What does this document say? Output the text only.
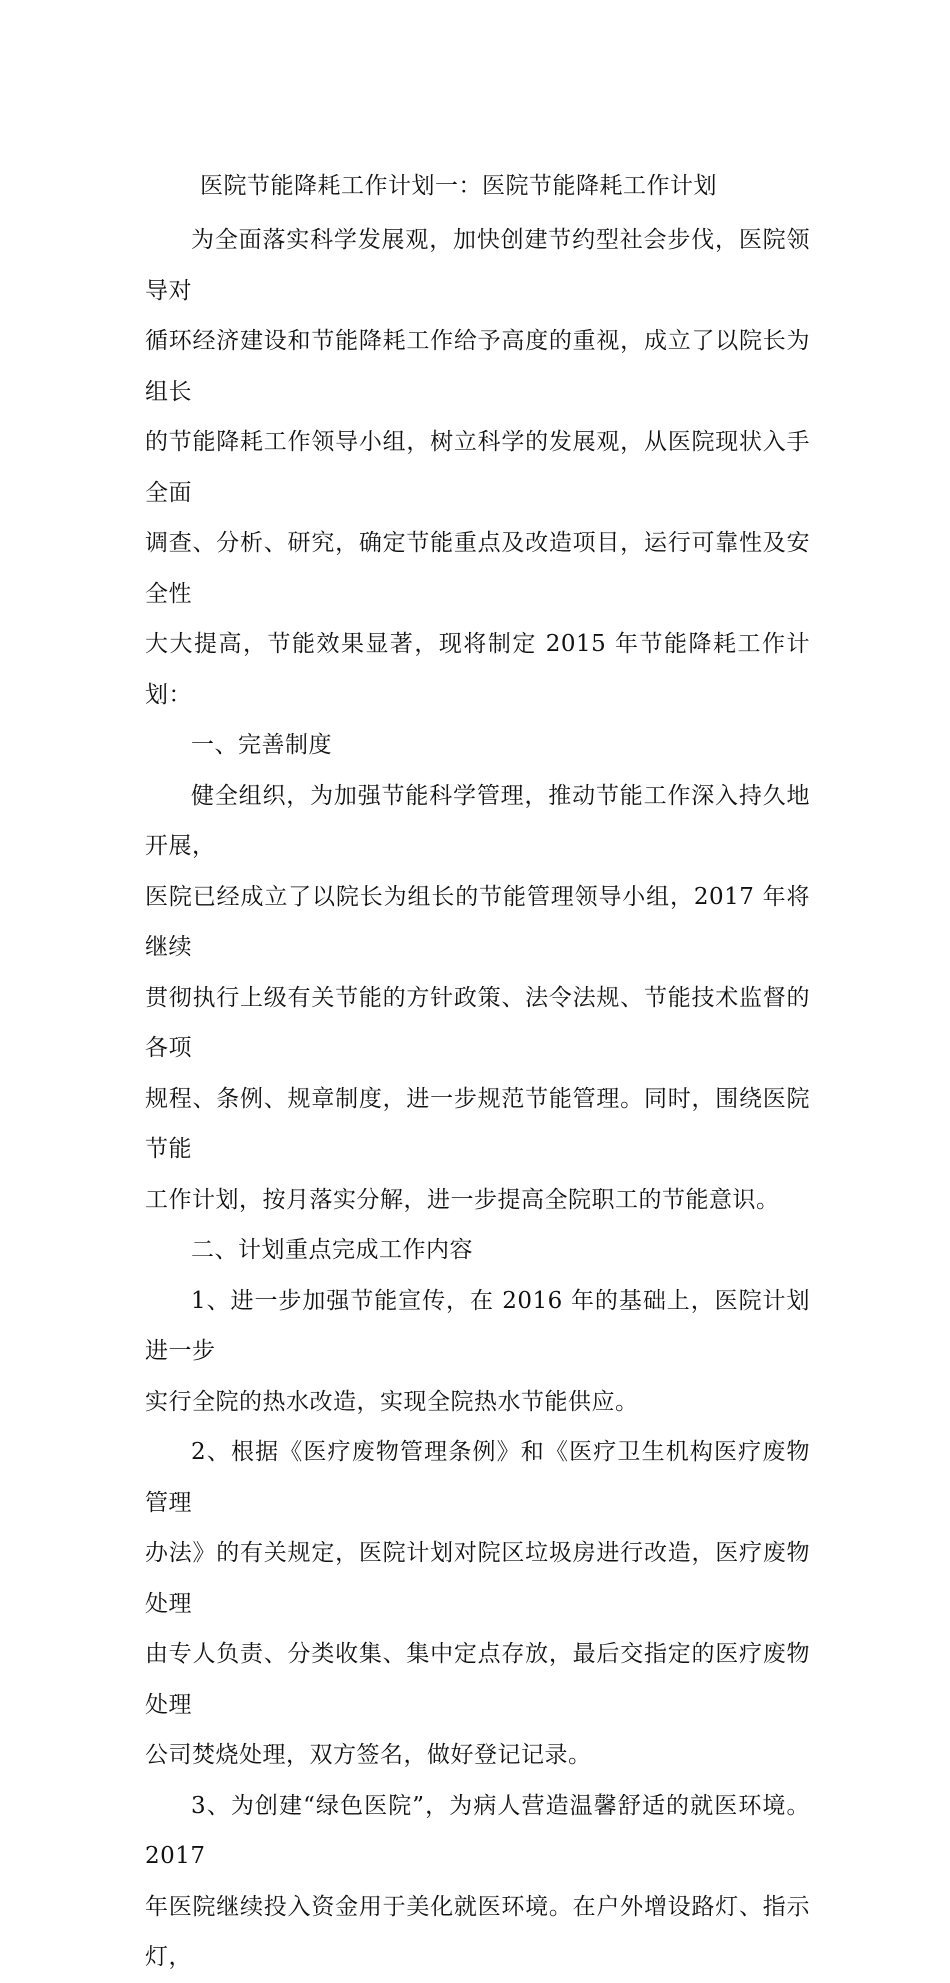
医院节能降耗工作计划一：医院节能降耗工作计划

为全面落实科学发展观，加快创建节约型社会步伐，医院领导对
循环经济建设和节能降耗工作给予高度的重视，成立了以院长为组长
的节能降耗工作领导小组，树立科学的发展观，从医院现状入手全面
调查、分析、研究，确定节能重点及改造项目，运行可靠性及安全性
大大提高，节能效果显著，现将制定 2015 年节能降耗工作计划：

一、完善制度

健全组织，为加强节能科学管理，推动节能工作深入持久地开展，
医院已经成立了以院长为组长的节能管理领导小组，2017 年将继续
贯彻执行上级有关节能的方针政策、法令法规、节能技术监督的各项
规程、条例、规章制度，进一步规范节能管理。同时，围绕医院节能
工作计划，按月落实分解，进一步提高全院职工的节能意识。

二、计划重点完成工作内容

1、进一步加强节能宣传，在 2016 年的基础上，医院计划进一步
实行全院的热水改造，实现全院热水节能供应。

2、根据《医疗废物管理条例》和《医疗卫生机构医疗废物管理
办法》的有关规定，医院计划对院区垃圾房进行改造，医疗废物处理
由专人负责、分类收集、集中定点存放，最后交指定的医疗废物处理
公司焚烧处理，双方签名，做好登记记录。

3、为创建“绿色医院”，为病人营造温馨舒适的就医环境。2017
年医院继续投入资金用于美化就医环境。在户外增设路灯、指示灯，
